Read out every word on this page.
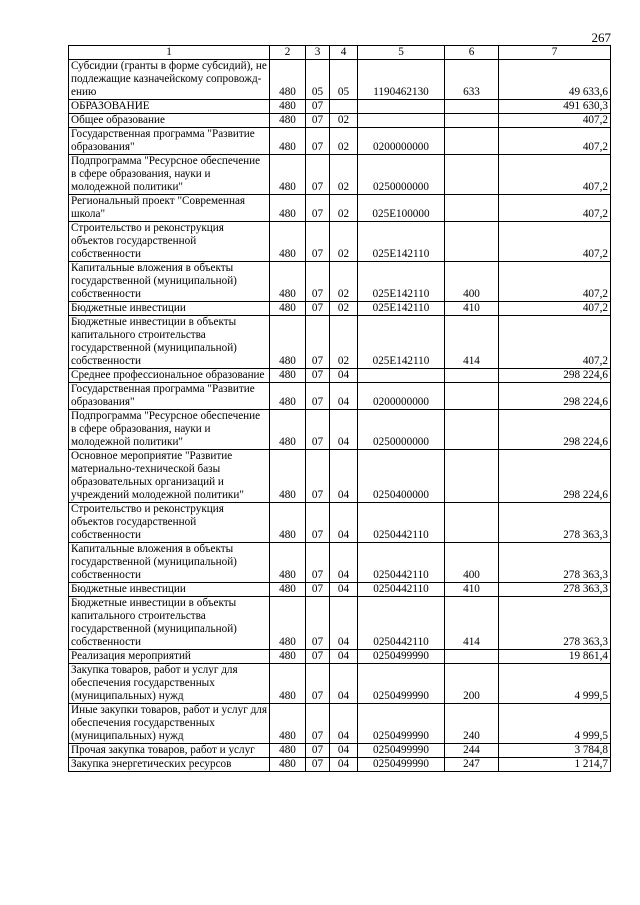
267
1	2	3	4	5	6	7
Субсидии (гранты в форме субсидий), не подлежащие казначейскому сопровождению	480	05	05	1190462130	633	49 633,6
ОБРАЗОВАНИЕ	480	07				491 630,3
Общее образование	480	07	02			407,2
Государственная программа "Развитие образования"	480	07	02	0200000000		407,2
Подпрограмма "Ресурсное обеспечение в сфере образования, науки и молодежной политики"	480	07	02	0250000000		407,2
Региональный проект "Современная школа"	480	07	02	025E100000		407,2
Строительство и реконструкция объектов государственной собственности	480	07	02	025E142110		407,2
Капитальные вложения в объекты государственной (муниципальной) собственности	480	07	02	025E142110	400	407,2
Бюджетные инвестиции	480	07	02	025E142110	410	407,2
Бюджетные инвестиции в объекты капитального строительства государственной (муниципальной) собственности	480	07	02	025E142110	414	407,2
Среднее профессиональное образование	480	07	04			298 224,6
Государственная программа "Развитие образования"	480	07	04	0200000000		298 224,6
Подпрограмма "Ресурсное обеспечение в сфере образования, науки и молодежной политики"	480	07	04	0250000000		298 224,6
Основное мероприятие "Развитие материально-технической базы образовательных организаций и учреждений молодежной политики"	480	07	04	0250400000		298 224,6
Строительство и реконструкция объектов государственной собственности	480	07	04	0250442110		278 363,3
Капитальные вложения в объекты государственной (муниципальной) собственности	480	07	04	0250442110	400	278 363,3
Бюджетные инвестиции	480	07	04	0250442110	410	278 363,3
Бюджетные инвестиции в объекты капитального строительства государственной (муниципальной) собственности	480	07	04	0250442110	414	278 363,3
Реализация мероприятий	480	07	04	0250499990		19 861,4
Закупка товаров, работ и услуг для обеспечения государственных (муниципальных) нужд	480	07	04	0250499990	200	4 999,5
Иные закупки товаров, работ и услуг для обеспечения государственных (муниципальных) нужд	480	07	04	0250499990	240	4 999,5
Прочая закупка товаров, работ и услуг	480	07	04	0250499990	244	3 784,8
Закупка энергетических ресурсов	480	07	04	0250499990	247	1 214,7
